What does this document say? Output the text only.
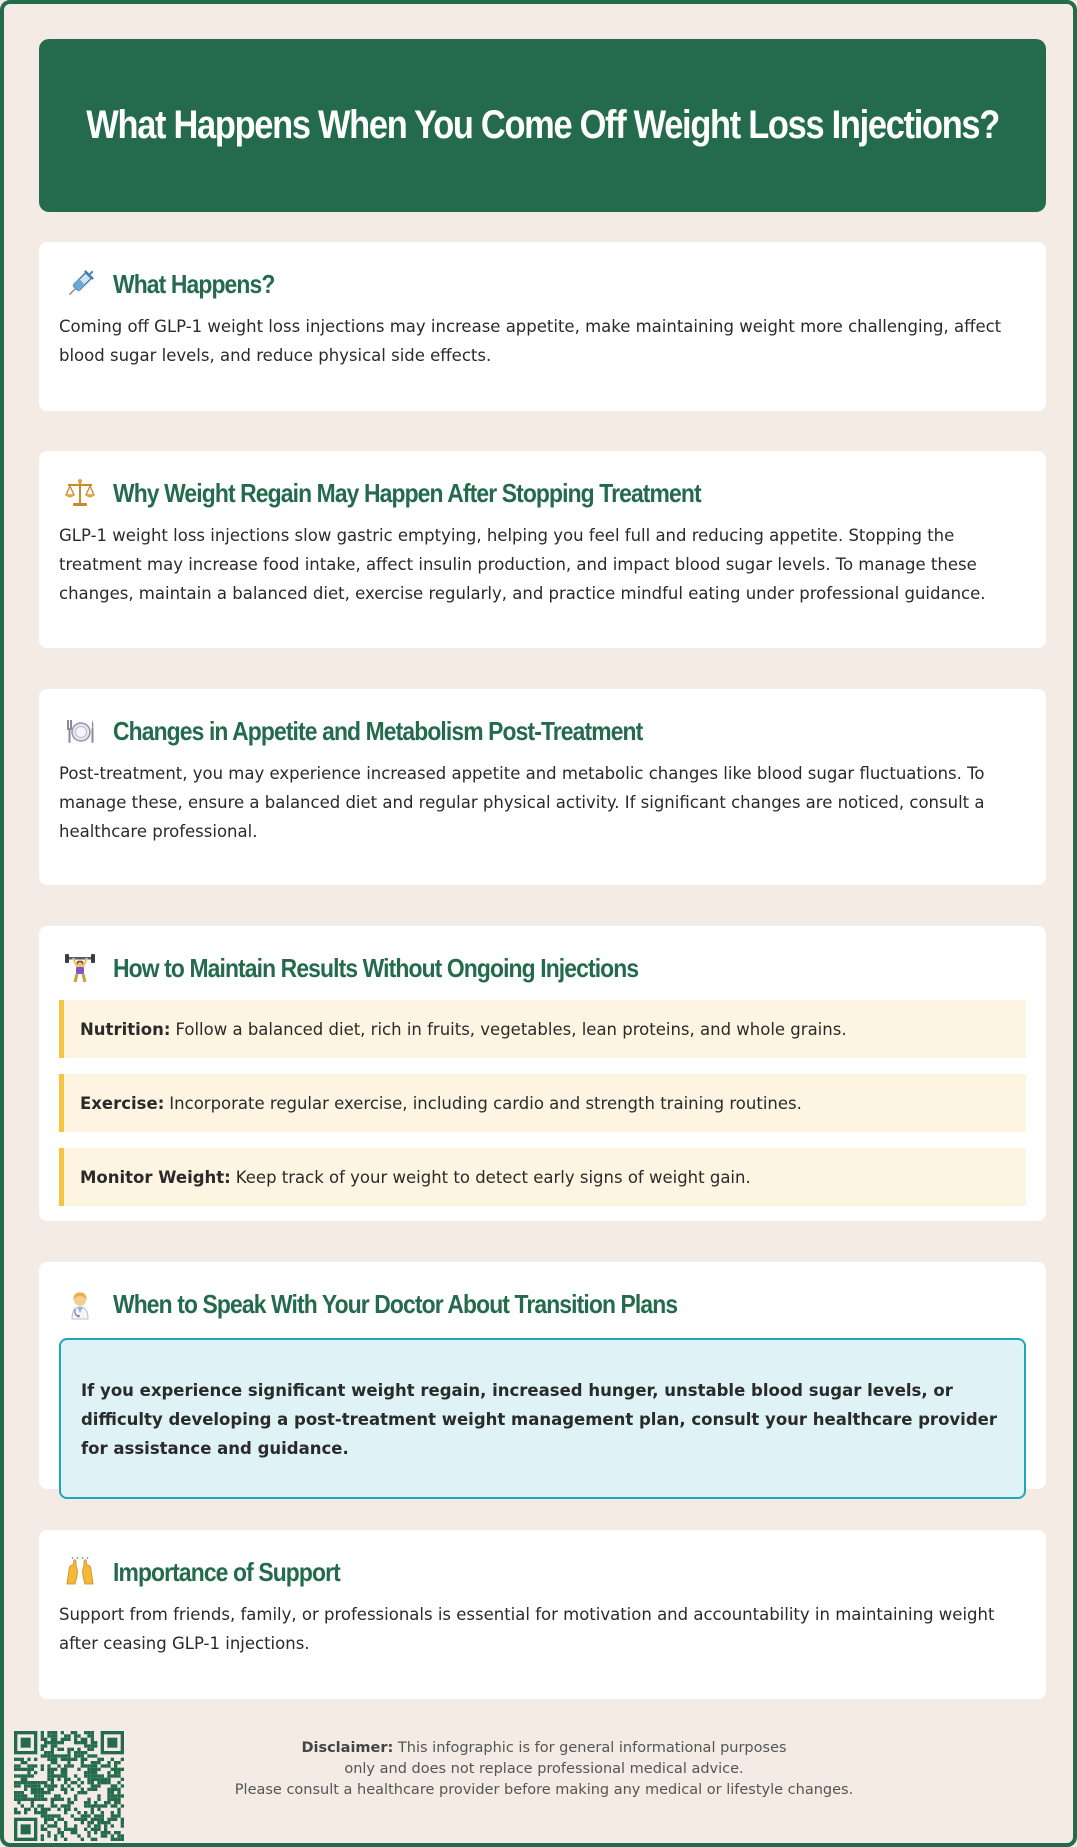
What Happens When You Come Off Weight Loss Injections?
What Happens?

Coming off GLP-1 weight loss injections may increase appetite, make maintaining weight more challenging, affect blood sugar levels, and reduce physical side effects.

Why Weight Regain May Happen After Stopping Treatment

GLP-1 weight loss injections slow gastric emptying, helping you feel full and reducing appetite. Stopping the treatment may increase food intake, affect insulin production, and impact blood sugar levels. To manage these changes, maintain a balanced diet, exercise regularly, and practice mindful eating under professional guidance.

Changes in Appetite and Metabolism Post-Treatment

Post-treatment, you may experience increased appetite and metabolic changes like blood sugar fluctuations. To manage these, ensure a balanced diet and regular physical activity. If significant changes are noticed, consult a healthcare professional.

How to Maintain Results Without Ongoing Injections
Nutrition: Follow a balanced diet, rich in fruits, vegetables, lean proteins, and whole grains.
Exercise: Incorporate regular exercise, including cardio and strength training routines.
Monitor Weight: Keep track of your weight to detect early signs of weight gain.
When to Speak With Your Doctor About Transition Plans
If you experience significant weight regain, increased hunger, unstable blood sugar levels, or difficulty developing a post-treatment weight management plan, consult your healthcare provider for assistance and guidance.
Importance of Support

Support from friends, family, or professionals is essential for motivation and accountability in maintaining weight after ceasing GLP-1 injections.

Disclaimer: This infographic is for general informational purposes
only and does not replace professional medical advice.
Please consult a healthcare provider before making any medical or lifestyle changes.
